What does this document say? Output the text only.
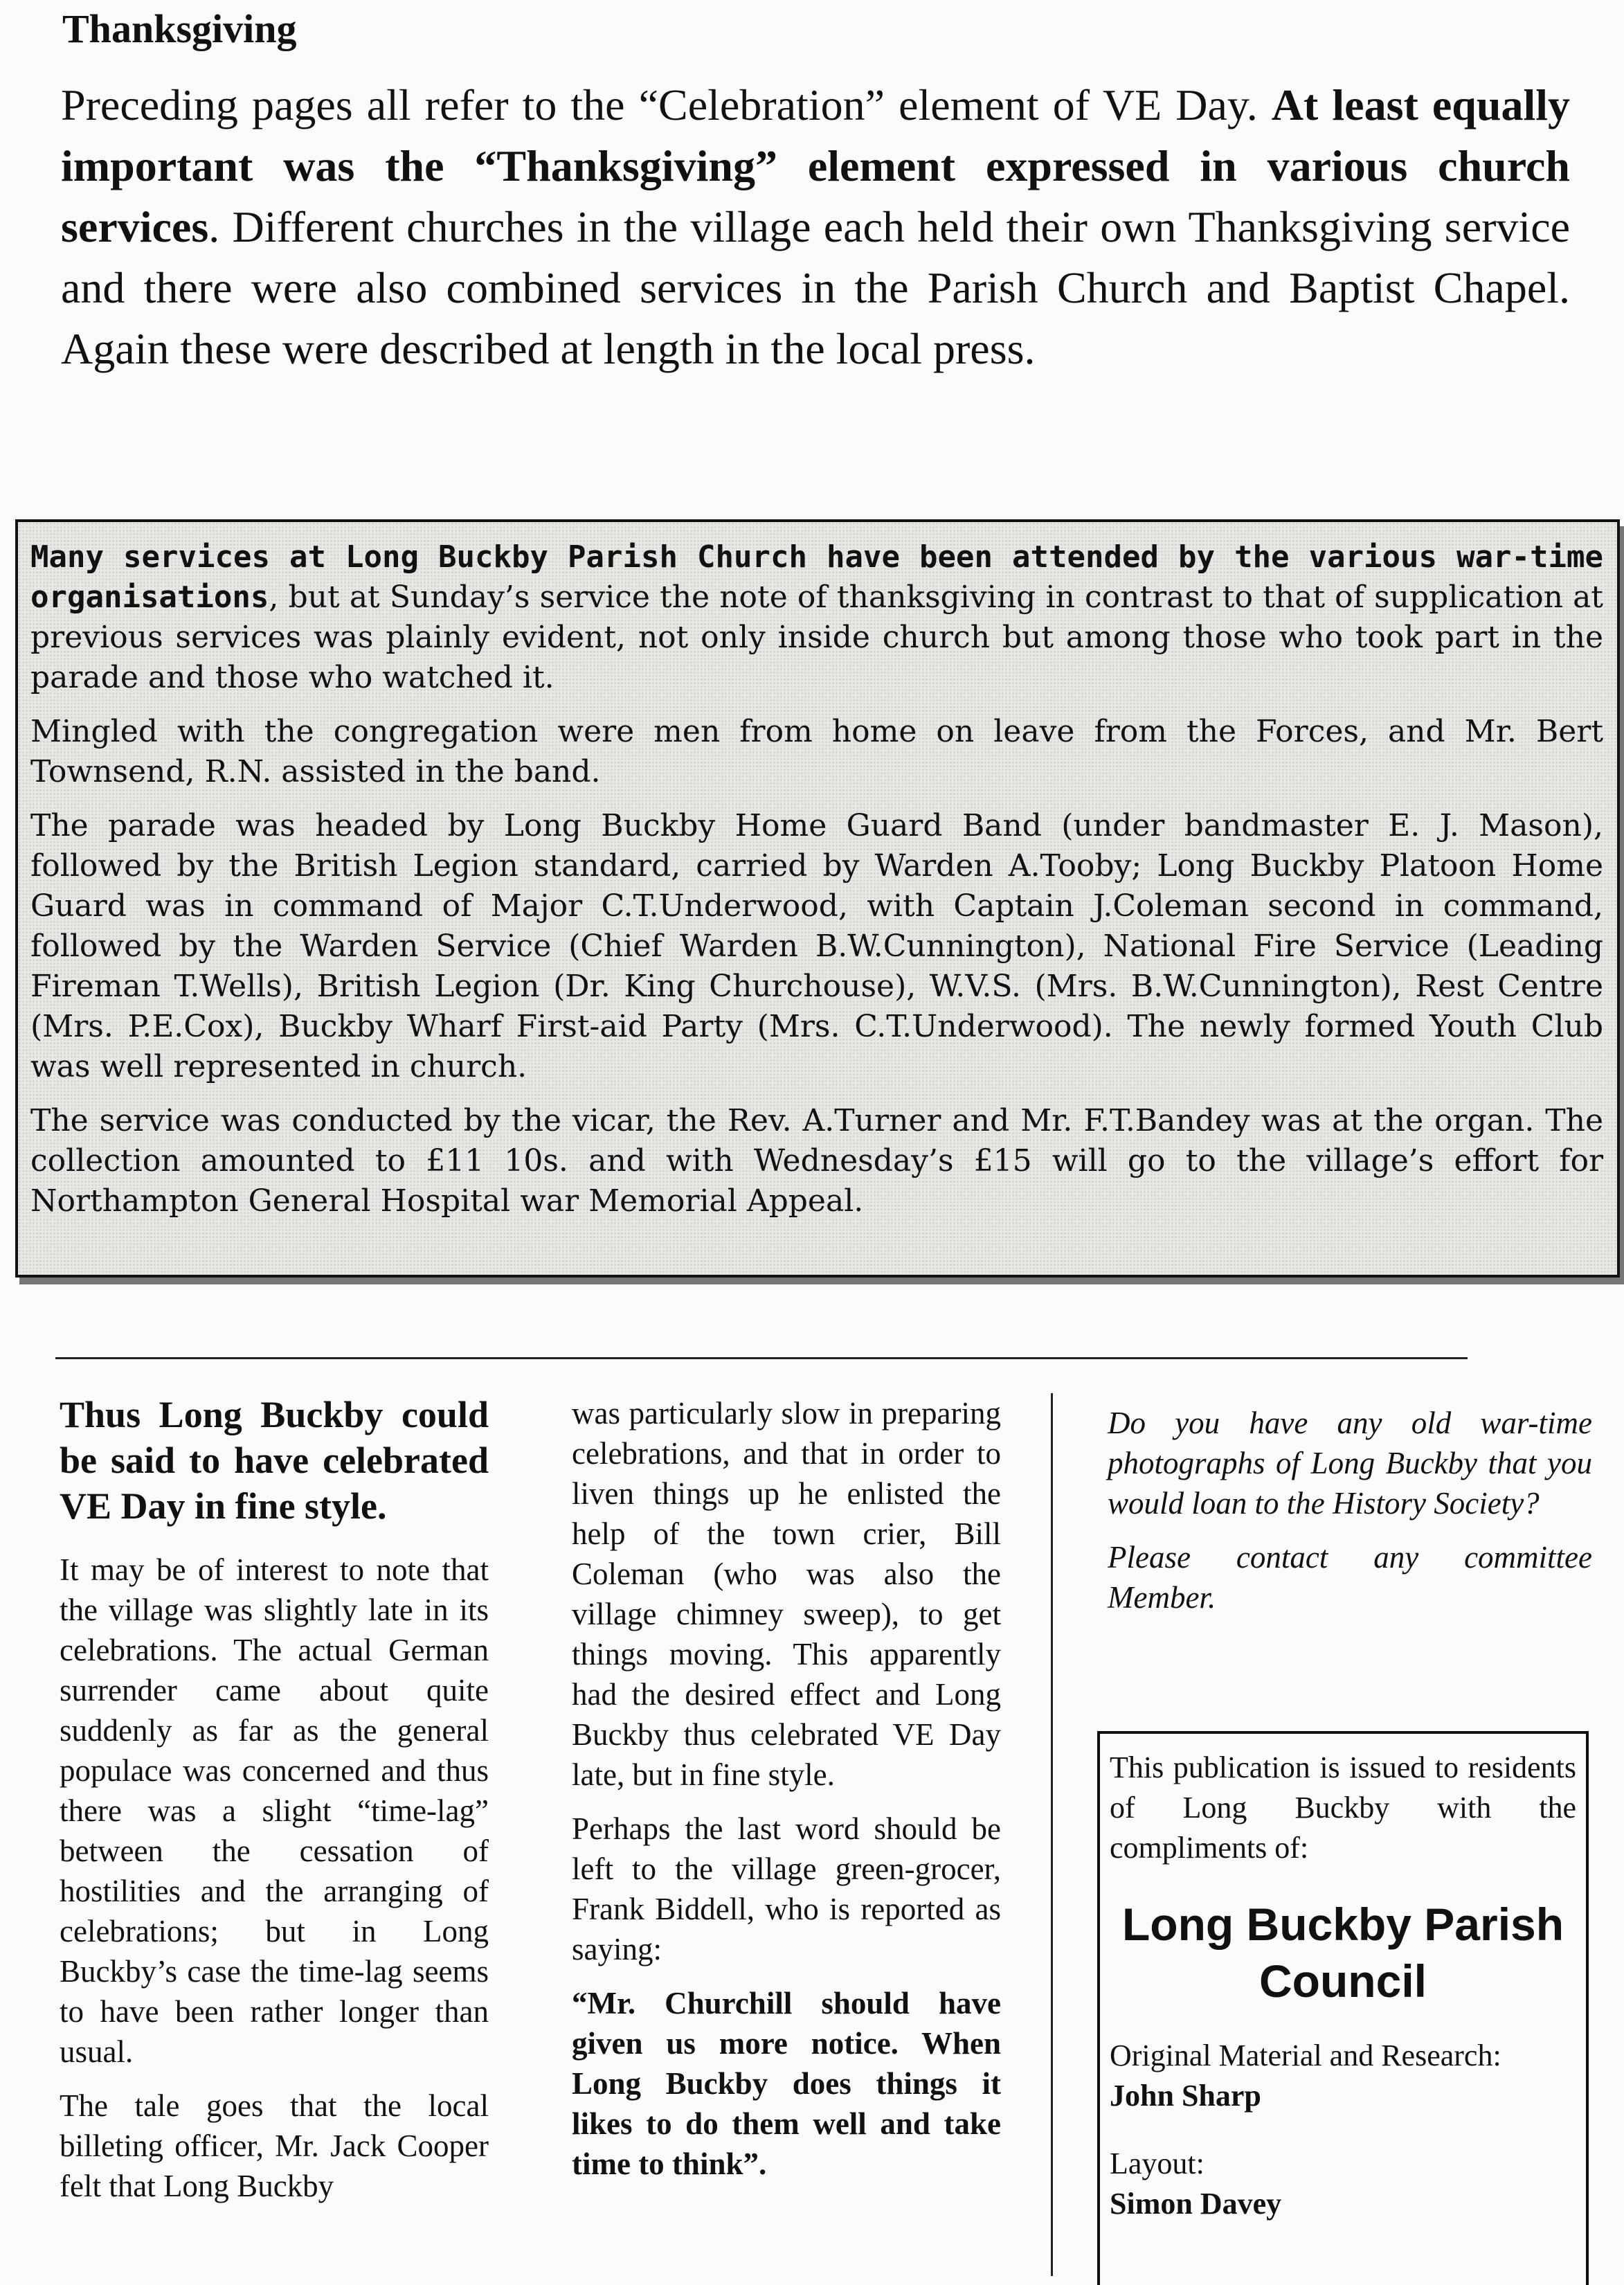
Thanksgiving

Preceding pages all refer to the “Celebration” element of VE Day. At least equally important was the “Thanksgiving” element expressed in various church services. Different churches in the village each held their own Thanksgiving service and there were also combined services in the Parish Church and Baptist Chapel. Again these were described at length in the local press.

Many services at Long Buckby Parish Church have been attended by the various war-time organisations, but at Sunday’s service the note of thanksgiving in contrast to that of supplication at previous services was plainly evident, not only inside church but among those who took part in the parade and those who watched it.

Mingled with the congregation were men from home on leave from the Forces, and Mr. Bert Townsend, R.N. assisted in the band.

The parade was headed by Long Buckby Home Guard Band (under bandmaster E. J. Mason), followed by the British Legion standard, carried by Warden A.Tooby; Long Buckby Platoon Home Guard was in command of Major C.T.Underwood, with Captain J.Coleman second in command, followed by the Warden Service (Chief Warden B.W.Cunnington), National Fire Service (Leading Fireman T.Wells), British Legion (Dr. King Churchouse), W.V.S. (Mrs. B.W.Cunnington), Rest Centre (Mrs. P.E.Cox), Buckby Wharf First-aid Party (Mrs. C.T.Underwood). The newly formed Youth Club was well represented in church.

The service was conducted by the vicar, the Rev. A.Turner and Mr. F.T.Bandey was at the organ. The collection amounted to £11 10s. and with Wednesday’s £15 will go to the village’s effort for Northampton General Hospital war Memorial Appeal.

Thus Long Buckby could be said to have celebrated VE Day in fine style.

It may be of interest to note that the village was slightly late in its celebrations. The actual German surrender came about quite suddenly as far as the general populace was concerned and thus there was a slight “time-lag” between the cessation of hostilities and the arranging of celebrations; but in Long Buckby’s case the time-lag seems to have been rather longer than usual.

The tale goes that the local billeting officer, Mr. Jack Cooper felt that Long Buckby

was particularly slow in preparing celebrations, and that in order to liven things up he enlisted the help of the town crier, Bill Coleman (who was also the village chimney sweep), to get things moving. This apparently had the desired effect and Long Buckby thus celebrated VE Day late, but in fine style.

Perhaps the last word should be left to the village green-grocer, Frank Biddell, who is reported as saying:

“Mr. Churchill should have given us more notice. When Long Buckby does things it likes to do them well and take time to think”.

Do you have any old war-time photographs of Long Buckby that you would loan to the History Society?

Please contact any committee Member.

This publication is issued to residents of Long Buckby with the compliments of:

Long Buckby Parish Council

Original Material and Research:

John Sharp

Layout:

Simon Davey
